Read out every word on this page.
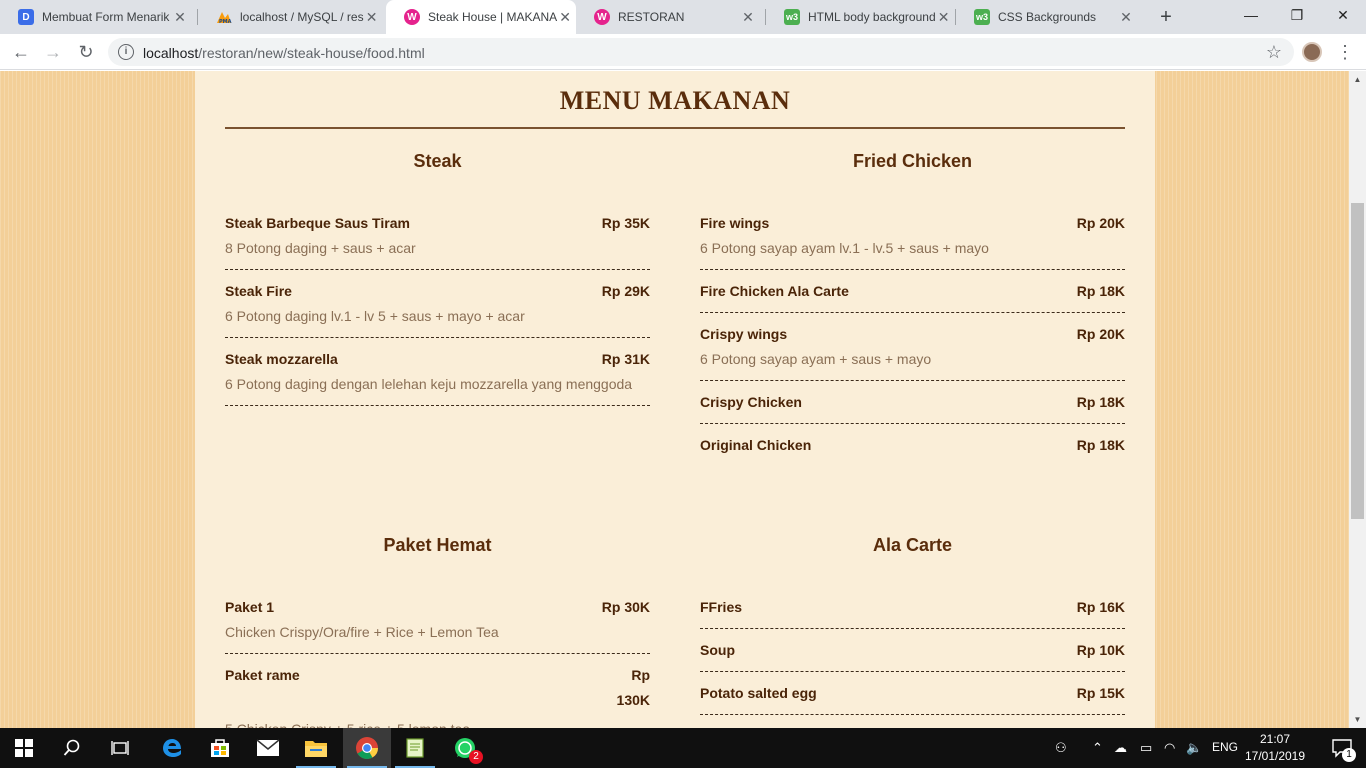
D	Membuat Form Menarik ✕	PMA localhost / MySQL / res ✕	W Steak House | MAKANA ✕	W RESTORAN	✕	w3 HTML body background ✕	w3 CSS Backgrounds	✕	+	—	❐	✕
← → ↻	i	localhost/restoran/new/steak-house/food.html	☆	⋮
MENU MAKANAN
Steak
Steak Barbeque Saus Tiram	Rp 35K
8 Potong daging + saus + acar
Steak Fire	Rp 29K
6 Potong daging lv.1 - lv 5 + saus + mayo + acar
Steak mozzarella	Rp 31K
6 Potong daging dengan lelehan keju mozzarella yang menggoda
Fried Chicken
Fire wings	Rp 20K
6 Potong sayap ayam lv.1 - lv.5 + saus + mayo
Fire Chicken Ala Carte	Rp 18K
Crispy wings	Rp 20K
6 Potong sayap ayam + saus + mayo
Crispy Chicken	Rp 18K
Original Chicken	Rp 18K
Paket Hemat
Paket 1	Rp 30K
Chicken Crispy/Ora/fire + Rice + Lemon Tea
Paket rame	Rp 130K
Ala Carte
FFries	Rp 16K
Soup	Rp 10K
Potato salted egg	Rp 15K
▲
▼
2
⚇ ⌃ ☁ ▭ ◠ 🔈 ENG
21:07
17/01/2019	1
